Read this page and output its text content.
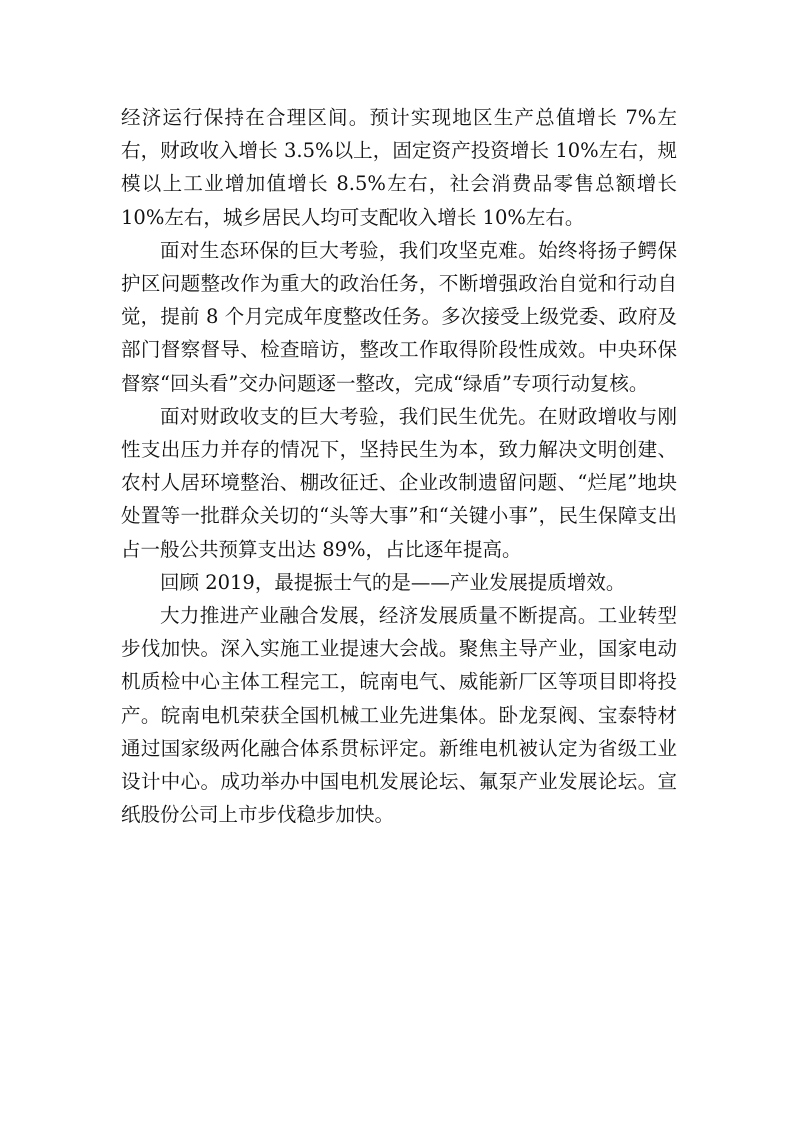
经济运行保持在合理区间。预计实现地区生产总值增长 7%左右，财政收入增长 3.5%以上，固定资产投资增长 10%左右，规模以上工业增加值增长 8.5%左右，社会消费品零售总额增长 10%左右，城乡居民人均可支配收入增长 10%左右。

面对生态环保的巨大考验，我们攻坚克难。始终将扬子鳄保护区问题整改作为重大的政治任务，不断增强政治自觉和行动自觉，提前 8 个月完成年度整改任务。多次接受上级党委、政府及部门督察督导、检查暗访，整改工作取得阶段性成效。中央环保督察“回头看”交办问题逐一整改，完成“绿盾”专项行动复核。

面对财政收支的巨大考验，我们民生优先。在财政增收与刚性支出压力并存的情况下，坚持民生为本，致力解决文明创建、农村人居环境整治、棚改征迁、企业改制遗留问题、“烂尾”地块处置等一批群众关切的“头等大事”和“关键小事”，民生保障支出占一般公共预算支出达 89%，占比逐年提高。

回顾 2019，最提振士气的是——产业发展提质增效。

大力推进产业融合发展，经济发展质量不断提高。工业转型步伐加快。深入实施工业提速大会战。聚焦主导产业，国家电动机质检中心主体工程完工，皖南电气、威能新厂区等项目即将投产。皖南电机荣获全国机械工业先进集体。卧龙泵阀、宝泰特材通过国家级两化融合体系贯标评定。新维电机被认定为省级工业设计中心。成功举办中国电机发展论坛、氟泵产业发展论坛。宣纸股份公司上市步伐稳步加快。
